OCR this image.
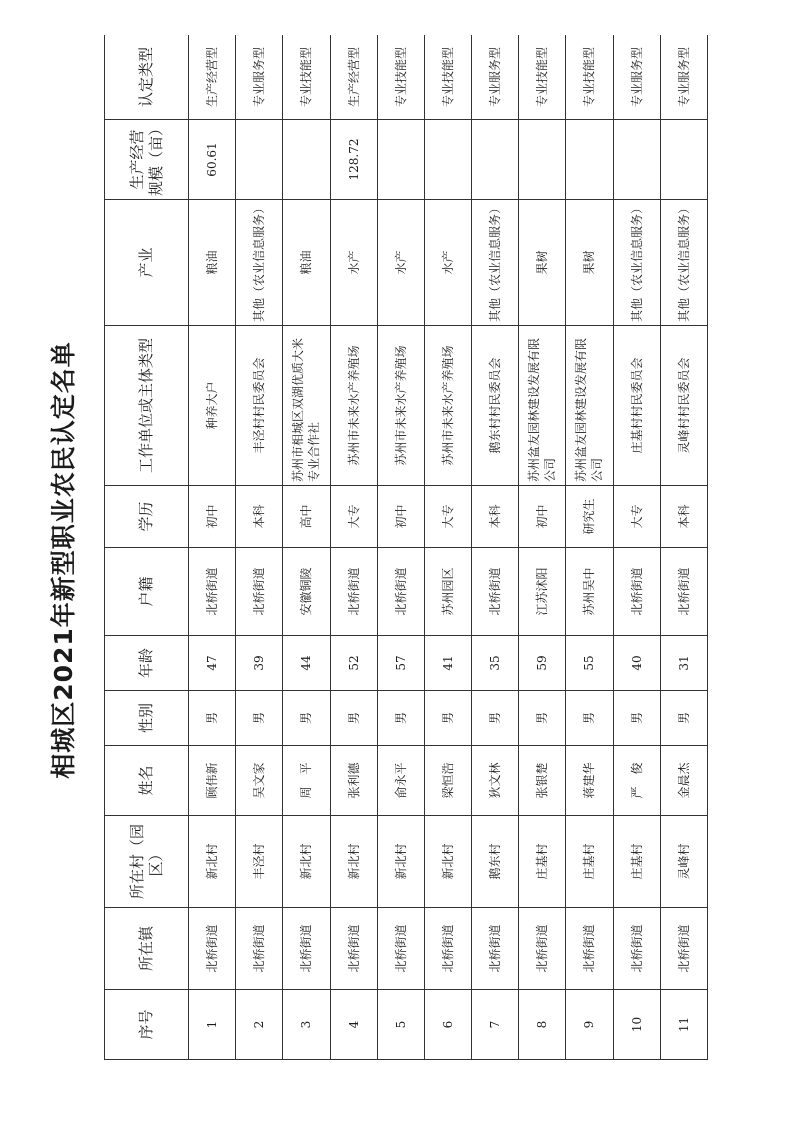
相城区2021年新型职业农民认定名单
序号	所在镇	所在村（园区）	姓名	性别	年龄	户籍	学历	工作单位或主体类型	产业	生产经营规模（亩）	认定类型
1	北桥街道	新北村	顾伟新	男	47	北桥街道	初中	种养大户	粮油	60.61	生产经营型
2	北桥街道	丰泾村	吴文家	男	39	北桥街道	本科	丰泾村村民委员会	其他（农业信息服务）		专业服务型
3	北桥街道	新北村	周　平	男	44	安徽铜陵	高中	苏州市相城区双湖优质大米专业合作社	粮油		专业技能型
4	北桥街道	新北村	张利德	男	52	北桥街道	大专	苏州市未来水产养殖场	水产	128.72	生产经营型
5	北桥街道	新北村	俞永平	男	57	北桥街道	初中	苏州市未来水产养殖场	水产		专业技能型
6	北桥街道	新北村	梁恒浩	男	41	苏州园区	大专	苏州市未来水产养殖场	水产		专业技能型
7	北桥街道	鹅东村	狄文林	男	35	北桥街道	本科	鹅东村村民委员会	其他（农业信息服务）		专业服务型
8	北桥街道	庄基村	张银楚	男	59	江苏沭阳	初中	苏州盆友园林建设发展有限公司	果树		专业技能型
9	北桥街道	庄基村	蒋建华	男	55	苏州吴中	研究生	苏州盆友园林建设发展有限公司	果树		专业技能型
10	北桥街道	庄基村	严　俊	男	40	北桥街道	大专	庄基村村民委员会	其他（农业信息服务）		专业服务型
11	北桥街道	灵峰村	金晨杰	男	31	北桥街道	本科	灵峰村村民委员会	其他（农业信息服务）		专业服务型
